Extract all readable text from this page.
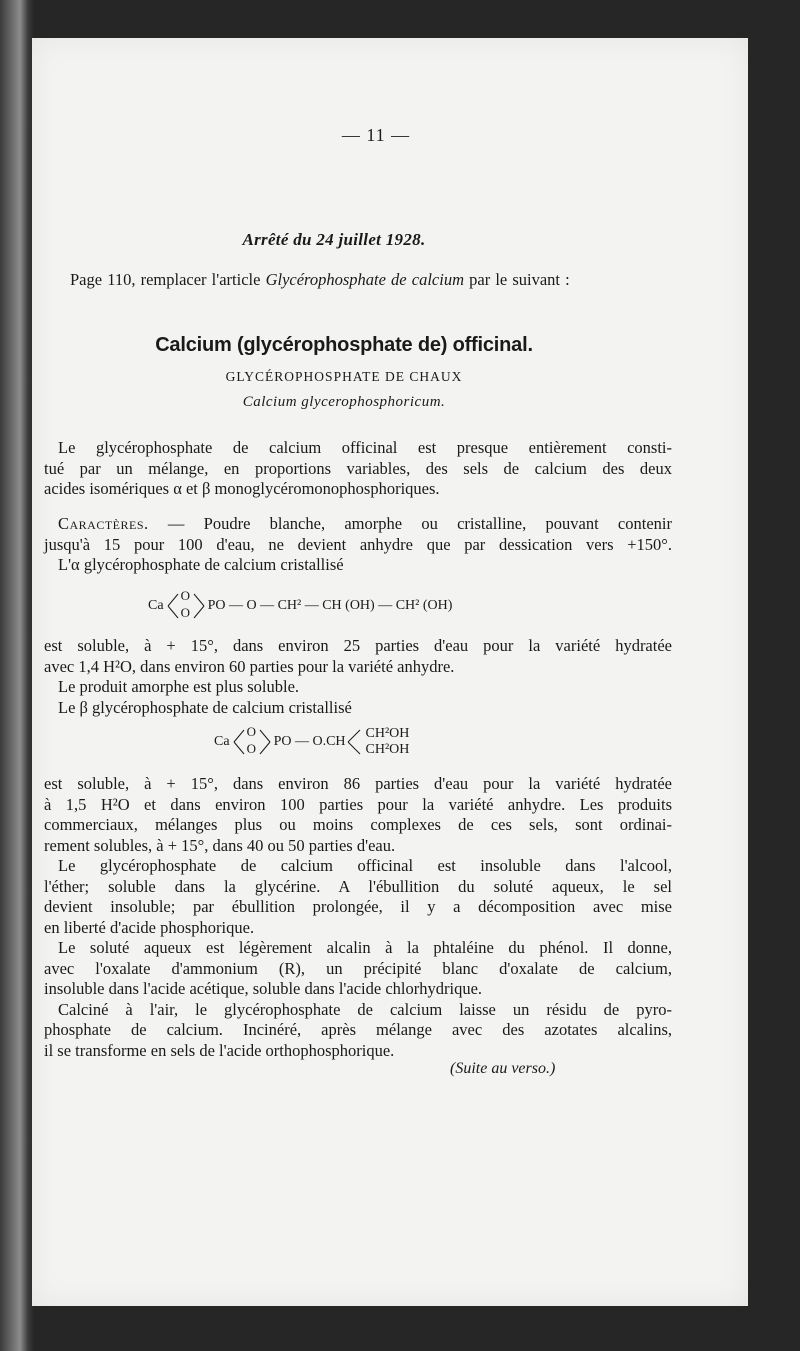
— 11 —
Arrêté du 24 juillet 1928.
Page 110, remplacer l'article Glycérophosphate de calcium par le suivant :
Calcium (glycérophosphate de) officinal.
GLYCÉROPHOSPHATE DE CHAUX
Calcium glycerophosphoricum.
Le glycérophosphate de calcium officinal est presque entièrement consti-
tué par un mélange, en proportions variables, des sels de calcium des deux
acides isomériques α et β monoglycéromonophosphoriques.
Caractères. — Poudre blanche, amorphe ou cristalline, pouvant contenir
jusqu'à 15 pour 100 d'eau, ne devient anhydre que par dessication vers +150°.
L'α glycérophosphate de calcium cristallisé
Ca
O
O PO — O — CH² — CH (OH) — CH² (OH)
est soluble, à + 15°, dans environ 25 parties d'eau pour la variété hydratée
avec 1,4 H²O, dans environ 60 parties pour la variété anhydre.
Le produit amorphe est plus soluble.
Le β glycérophosphate de calcium cristallisé
Ca
O
O PO — O.CH
CH²OH
CH²OH
est soluble, à + 15°, dans environ 86 parties d'eau pour la variété hydratée
à 1,5 H²O et dans environ 100 parties pour la variété anhydre. Les produits
commerciaux, mélanges plus ou moins complexes de ces sels, sont ordinai-
rement solubles, à + 15°, dans 40 ou 50 parties d'eau.
Le glycérophosphate de calcium officinal est insoluble dans l'alcool,
l'éther; soluble dans la glycérine. A l'ébullition du soluté aqueux, le sel
devient insoluble; par ébullition prolongée, il y a décomposition avec mise
en liberté d'acide phosphorique.
Le soluté aqueux est légèrement alcalin à la phtaléine du phénol. Il donne,
avec l'oxalate d'ammonium (R), un précipité blanc d'oxalate de calcium,
insoluble dans l'acide acétique, soluble dans l'acide chlorhydrique.
Calciné à l'air, le glycérophosphate de calcium laisse un résidu de pyro-
phosphate de calcium. Incinéré, après mélange avec des azotates alcalins,
il se transforme en sels de l'acide orthophosphorique.
(Suite au verso.)
